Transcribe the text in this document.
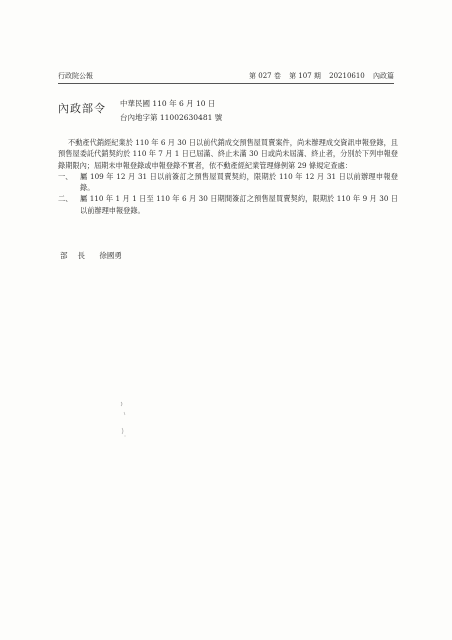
行政院公報	第 027 卷 第 107 期 20210610 內政篇
內政部令 中華民國 110 年 6 月 10 日
台內地字第 11002630481 號

不動產代銷經紀業於 110 年 6 月 30 日以前代銷成交預售屋買賣案件，尚未辦理成交資訊申報登錄，且預售屋委託代銷契約於 110 年 7 月 1 日已屆滿、終止未滿 30 日或尚未屆滿、終止者，分別於下列申報登錄期限內；屆期未申報登錄或申報登錄不實者，依不動產經紀業管理條例第 29 條規定查處：

一、	屬 109 年 12 月 31 日以前簽訂之預售屋買賣契約，限期於 110 年 12 月 31 日以前辦理申報登錄。
二、	屬 110 年 1 月 1 日至 110 年 6 月 30 日期間簽訂之預售屋買賣契約，限期於 110 年 9 月 30 日以前辦理申報登錄。
部長 徐國勇
